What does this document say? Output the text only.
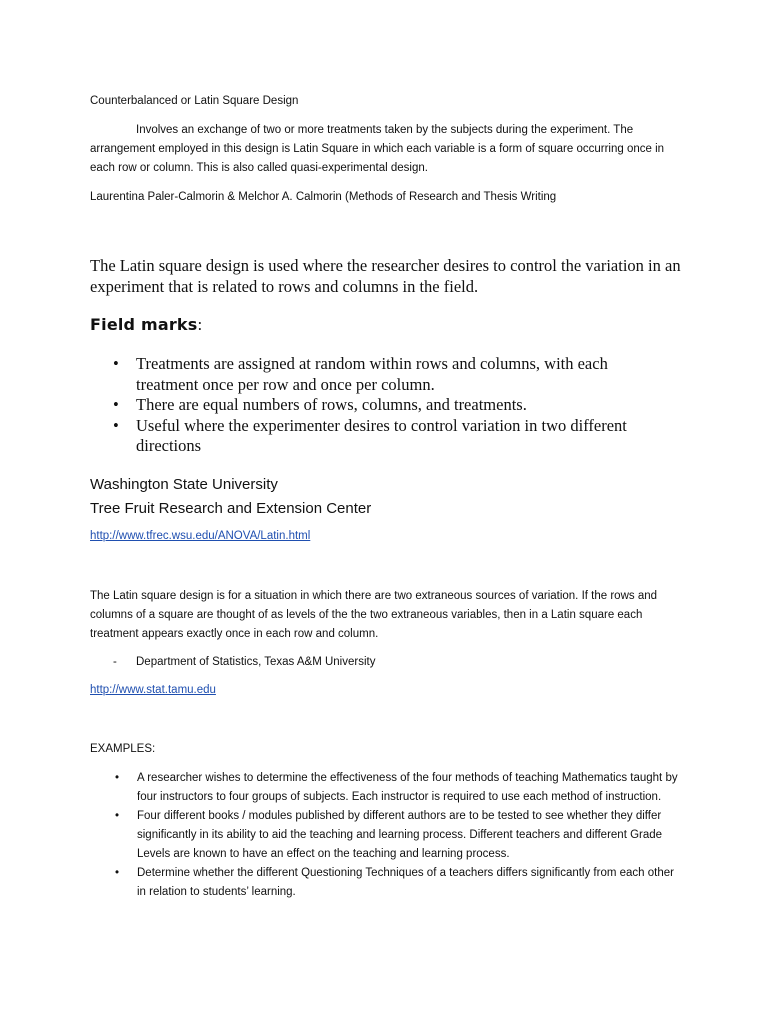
Counterbalanced or Latin Square Design
Involves an exchange of two or more treatments taken by the subjects during the experiment. The arrangement employed in this design is Latin Square in which each variable is a form of square occurring once in each row or column. This is also called quasi-experimental design.
Laurentina Paler-Calmorin & Melchor A. Calmorin (Methods of Research and Thesis Writing
The Latin square design is used where the researcher desires to control the variation in an experiment that is related to rows and columns in the field.
Field marks:
• Treatments are assigned at random within rows and columns, with each treatment once per row and once per column.
• There are equal numbers of rows, columns, and treatments.
• Useful where the experimenter desires to control variation in two different directions
Washington State University
Tree Fruit Research and Extension Center
http://www.tfrec.wsu.edu/ANOVA/Latin.html
The Latin square design is for a situation in which there are two extraneous sources of variation. If the rows and columns of a square are thought of as levels of the the two extraneous variables, then in a Latin square each treatment appears exactly once in each row and column.
- Department of Statistics, Texas A&M University
http://www.stat.tamu.edu
EXAMPLES:
• A researcher wishes to determine the effectiveness of the four methods of teaching Mathematics taught by four instructors to four groups of subjects. Each instructor is required to use each method of instruction.
• Four different books / modules published by different authors are to be tested to see whether they differ significantly in its ability to aid the teaching and learning process. Different teachers and different Grade Levels are known to have an effect on the teaching and learning process.
• Determine whether the different Questioning Techniques of a teachers differs significantly from each other in relation to students’ learning.
